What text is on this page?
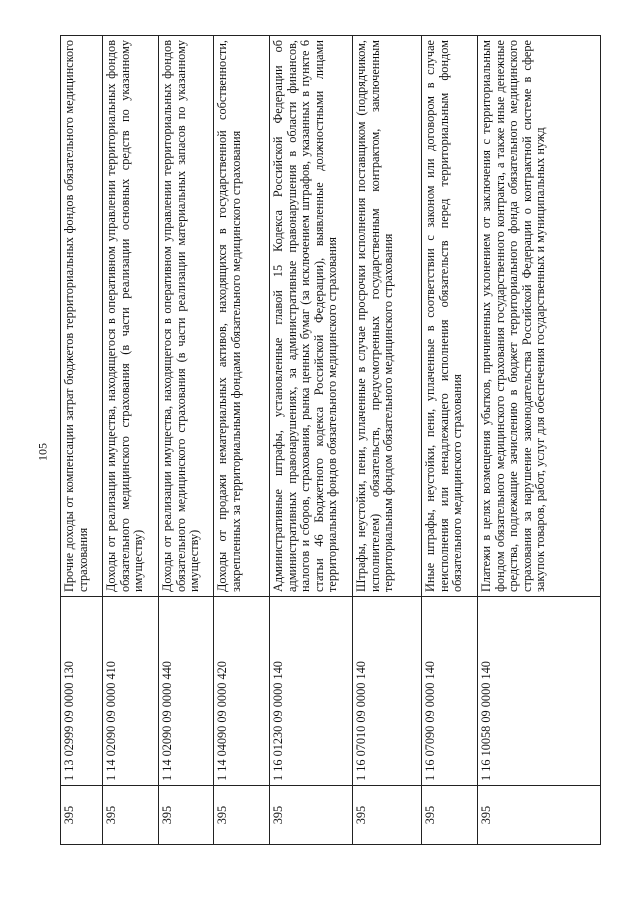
105
395	1 13 02999 09 0000 130	Прочие доходы от компенсации затрат бюджетов территориальных фондов обязательного медицинского страхования
395	1 14 02090 09 0000 410	Доходы от реализации имущества, находящегося в оперативном управлении территориальных фондов обязательного медицинского страхования (в части реализации основных средств по указанному имуществу)
395	1 14 02090 09 0000 440	Доходы от реализации имущества, находящегося в оперативном управлении территориальных фондов обязательного медицинского страхования (в части реализации материальных запасов по указанному имуществу)
395	1 14 04090 09 0000 420	Доходы от продажи нематериальных активов, находящихся в государственной собственности, закрепленных за территориальными фондами обязательного медицинского страхования
395	1 16 01230 09 0000 140	Административные штрафы, установленные главой 15 Кодекса Российской Федерации об административных правонарушениях, за административные правонарушения в области финансов, налогов и сборов, страхования, рынка ценных бумаг (за исключением штрафов, указанных в пункте 6 статьи 46 Бюджетного кодекса Российской Федерации), выявленные должностными лицами территориальных фондов обязательного медицинского страхования
395	1 16 07010 09 0000 140	Штрафы, неустойки, пени, уплаченные в случае просрочки исполнения поставщиком (подрядчиком, исполнителем) обязательств, предусмотренных государственным контрактом, заключенным территориальным фондом обязательного медицинского страхования
395	1 16 07090 09 0000 140	Иные штрафы, неустойки, пени, уплаченные в соответствии с законом или договором в случае неисполнения или ненадлежащего исполнения обязательств перед территориальным фондом обязательного медицинского страхования
395	1 16 10058 09 0000 140	Платежи в целях возмещения убытков, причиненных уклонением от заключения с территориальным фондом обязательного медицинского страхования государственного контракта, а также иные денежные средства, подлежащие зачислению в бюджет территориального фонда обязательного медицинского страхования за нарушение законодательства Российской Федерации о контрактной системе в сфере закупок товаров, работ, услуг для обеспечения государственных и муниципальных нужд
